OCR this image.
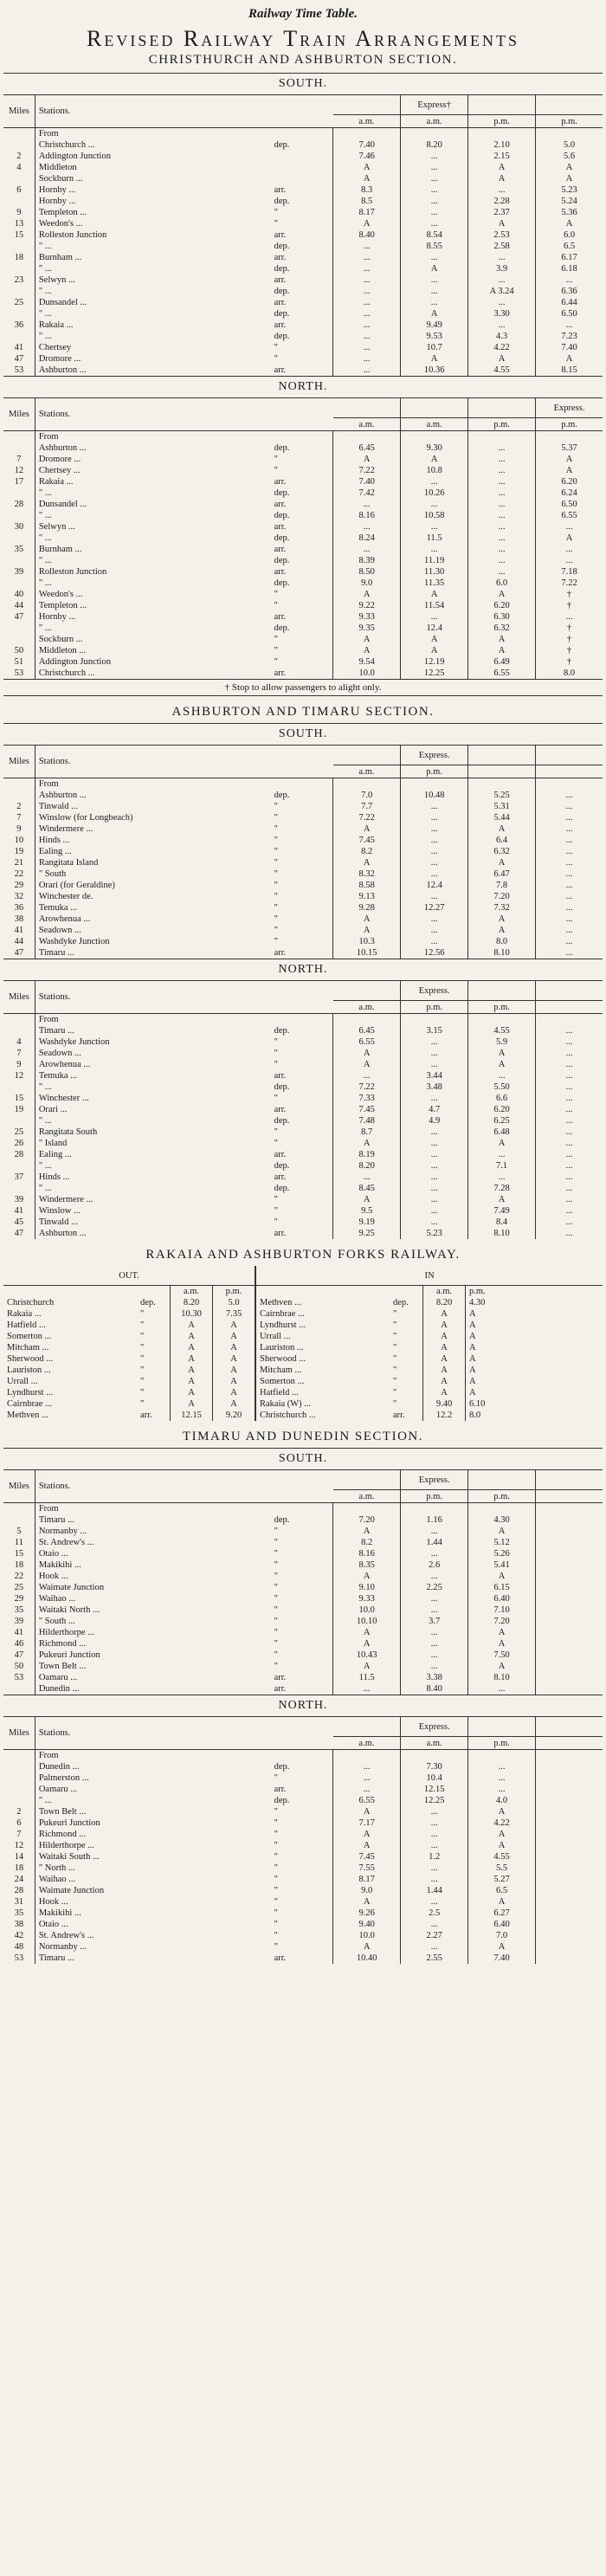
Railway Time Table.
Revised Railway Train Arrangements
CHRISTHURCH AND ASHBURTON SECTION.
SOUTH.
Miles	Stations.			Express†		
			a.m.	a.m.	p.m.	p.m.
	From					
	Christchurch ...	dep.	7.40	8.20	2.10	5.0
2	Addington Junction		7.46	...	2.15	5.6
4	Middleton		A	...	A	A
	Sockburn ...		A	...	A	A
6	Hornby ...	arr.	8.3	...	...	5.23
	Hornby ...	dep.	8.5	...	2.28	5.24
9	Templeton ...	"	8.17	...	2.37	5.36
13	Weedon's ...	"	A	...	A	A
15	Rolleston Junction	arr.	8.40	8.54	2.53	6.0
	" ...	dep.	...	8.55	2.58	6.5
18	Burnham ...	arr.	...	...	...	6.17
	" ...	dep.	...	A	3.9	6.18
23	Selwyn ...	arr.	...	...	...	...
	" ...	dep.	...	...	A 3.24	6.36
25	Dunsandel ...	arr.	...	...	...	6.44
	" ...	dep.	...	A	3.30	6.50
36	Rakaia ...	arr.	...	9.49	...	...
	" ...	dep.	...	9.53	4.3	7.23
41	Chertsey	"	...	10.7	4.22	7.40
47	Dromore ...	"	...	A	A	A
53	Ashburton ...	arr.	...	10.36	4.55	8.15
NORTH.
Miles	Stations.					Express.
			a.m.	a.m.	p.m.	p.m.
	From					
	Ashburton ...	dep.	6.45	9.30	...	5.37
7	Dromore ...	"	A	A	...	A
12	Chertsey ...	"	7.22	10.8	...	A
17	Rakaia ...	arr.	7.40	...	...	6.20
	" ...	dep.	7.42	10.26	...	6.24
28	Dunsandel ...	arr.	...	...	...	6.50
	" ...	dep.	8.16	10.58	...	6.55
30	Selwyn ...	arr.	...	...	...	...
	" ...	dep.	8.24	11.5	...	A
35	Burnham ...	arr.	...	...	...	...
	" ...	dep.	8.39	11.19	...	...
39	Rolleston Junction	arr.	8.50	11.30	...	7.18
	" ...	dep.	9.0	11.35	6.0	7.22
40	Weedon's ...	"	A	A	A	†
44	Templeton ...	"	9.22	11.54	6.20	†
47	Hornby ...	arr.	9.33	...	6.30	...
	" ...	dep.	9.35	12.4	6.32	†
	Sockburn ...	"	A	A	A	†
50	Middleton ...	"	A	A	A	†
51	Addington Junction	"	9.54	12.19	6.49	†
53	Christchurch ...	arr.	10.0	12.25	6.55	8.0
† Stop to allow passengers to alight only.
ASHBURTON AND TIMARU SECTION.
SOUTH.
Miles	Stations.			Express.		
			a.m.	p.m.		
	From					
	Ashburton ...	dep.	7.0	10.48	5.25	...
2	Tinwald ...	"	7.7	...	5.31	...
7	Winslow (for Longbeach)	"	7.22	...	5.44	...
9	Windermere ...	"	A	...	A	...
10	Hinds ...	"	7.45	...	6.4	...
19	Ealing ...	"	8.2	...	6.32	...
21	Rangitata Island	"	A	...	A	...
22	" South	"	8.32	...	6.47	...
29	Orari (for Geraldine)	"	8.58	12.4	7.8	...
32	Winchester de.	"	9.13	...	7.20	...
36	Temuka ...	"	9.28	12.27	7.32	...
38	Arowhenua ...	"	A	...	A	...
41	Seadown ...	"	A	...	A	...
44	Washdyke Junction	"	10.3	...	8.0	...
47	Timaru ...	arr.	10.15	12.56	8.10	...
NORTH.
Miles	Stations.			Express.		
			a.m.	p.m.	p.m.	
	From					
	Timaru ...	dep.	6.45	3.15	4.55	...
4	Washdyke Junction	"	6.55	...	5.9	...
7	Seadown ...	"	A	...	A	...
9	Arowhenua ...	"	A	...	A	...
12	Temuka ...	arr.	...	3.44	...	...
	" ...	dep.	7.22	3.48	5.50	...
15	Winchester ...	"	7.33	...	6.6	...
19	Orari ...	arr.	7.45	4.7	6.20	...
	" ...	dep.	7.48	4.9	6.25	...
25	Rangitata South	"	8.7	...	6.48	...
26	" Island	"	A	...	A	...
28	Ealing ...	arr.	8.19	...	...	...
	" ...	dep.	8.20	...	7.1	...
37	Hinds ...	arr.	...	...	...	...
	" ...	dep.	8.45	...	7.28	...
39	Windermere ...	"	A	...	A	...
41	Winslow ...	"	9.5	...	7.49	...
45	Tinwald ...	"	9.19	...	8.4	...
47	Ashburton ...	arr.	9.25	5.23	8.10	...
RAKAIA AND ASHBURTON FORKS RAILWAY.
OUT.					IN				
			a.m.	p.m.				a.m.	p.m.
Christchurch		dep.	8.20	5.0	Methven ...		dep.	8.20	4.30
Rakaia ...		"	10.30	7.35	Cairnbrae ...		"	A	A
Hatfield ...		"	A	A	Lyndhurst ...		"	A	A
Somerton ...		"	A	A	Urrall ...		"	A	A
Mitcham ...		"	A	A	Lauriston ...		"	A	A
Sherwood ...		"	A	A	Sherwood ...		"	A	A
Lauriston ...		"	A	A	Mitcham ...		"	A	A
Urrall ...		"	A	A	Somerton ...		"	A	A
Lyndhurst ...		"	A	A	Hatfield ...		"	A	A
Cairnbrae ...		"	A	A	Rakaia (W) ...		"	9.40	6.10
Methven ...		arr.	12.15	9.20	Christchurch ...		arr.	12.2	8.0
TIMARU AND DUNEDIN SECTION.
SOUTH.
Miles	Stations.			Express.		
			a.m.	p.m.	p.m.	
	From					
	Timaru ...	dep.	7.20	1.16	4.30	
5	Normanby ...	"	A	...	A	
11	St. Andrew's ...	"	8.2	1.44	5.12	
15	Otaio ...	"	8.16	...	5.26	
18	Makikihi ...	"	8.35	2.6	5.41	
22	Hook ...	"	A	...	A	
25	Waimate Junction	"	9.10	2.25	6.15	
29	Waihao ...	"	9.33	...	6.40	
35	Waitaki North ...	"	10.0	...	7.10	
39	" South ...	"	10.10	3.7	7.20	
41	Hilderthorpe ...	"	A	...	A	
46	Richmond ...	"	A	...	A	
47	Pukeuri Junction	"	10.43	...	7.50	
50	Town Belt ...	"	A	...	A	
53	Oamaru ...	arr.	11.5	3.38	8.10	
	Dunedin ...	arr.	...	8.40	...	
NORTH.
Miles	Stations.			Express.		
			a.m.	a.m.	p.m.	
	From					
	Dunedin ...	dep.	...	7.30	...	
	Palmerston ...	"	...	10.4	...	
	Oamaru ...	arr.	...	12.15	...	
	" ...	dep.	6.55	12.25	4.0	
2	Town Belt ...	"	A	...	A	
6	Pukeuri Junction	"	7.17	...	4.22	
7	Richmond ...	"	A	...	A	
12	Hilderthorpe ...	"	A	...	A	
14	Waitaki South ...	"	7.45	1.2	4.55	
18	" North ...	"	7.55	...	5.5	
24	Waihao ...	"	8.17	...	5.27	
28	Waimate Junction	"	9.0	1.44	6.5	
31	Hook ...	"	A	...	A	
35	Makikihi ...	"	9.26	2.5	6.27	
38	Otaio ...	"	9.40	...	6.40	
42	St. Andrew's ...	"	10.0	2.27	7.0	
48	Normanby ...	"	A	...	A	
53	Timaru ...	arr.	10.40	2.55	7.40	
